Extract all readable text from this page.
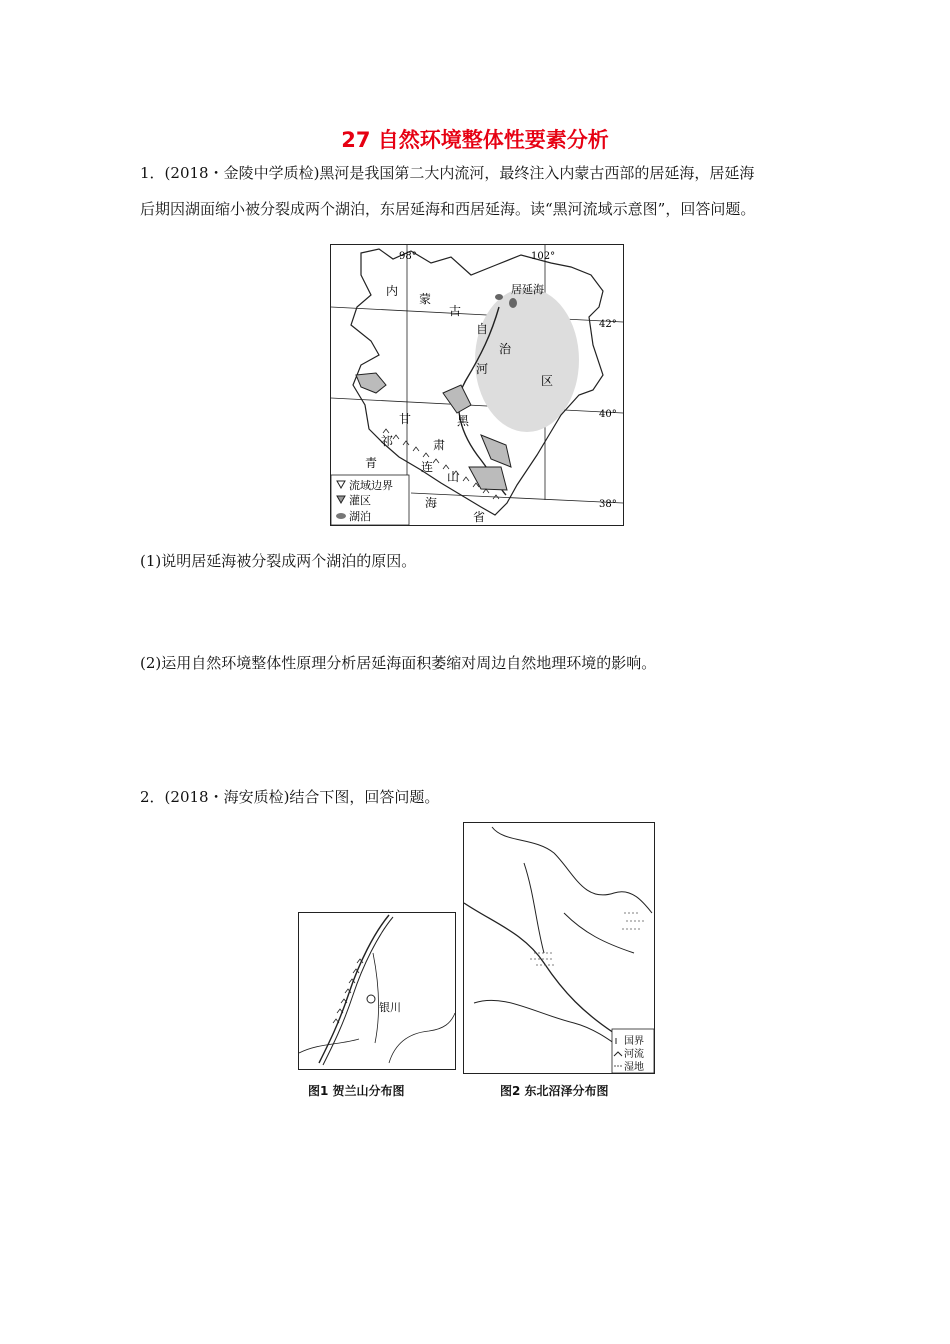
27 自然环境整体性要素分析
1．(2018・金陵中学质检)黑河是我国第二大内流河，最终注入内蒙古西部的居延海，居延海
后期因湖面缩小被分裂成两个湖泊，东居延海和西居延海。读“黑河流域示意图”，回答问题。
98°	102°
42°
40°
38°
内
蒙
古
自
治
区
河
甘
肃
黑
祁
连
山
青
海
省
居延海
流域边界
灌区
湖泊
(1)说明居延海被分裂成两个湖泊的原因。
(2)运用自然环境整体性原理分析居延海面积萎缩对周边自然地理环境的影响。
2．(2018・海安质检)结合下图，回答问题。
银川
图1 贺兰山分布图
国界
河流
湿地
图2 东北沼泽分布图
